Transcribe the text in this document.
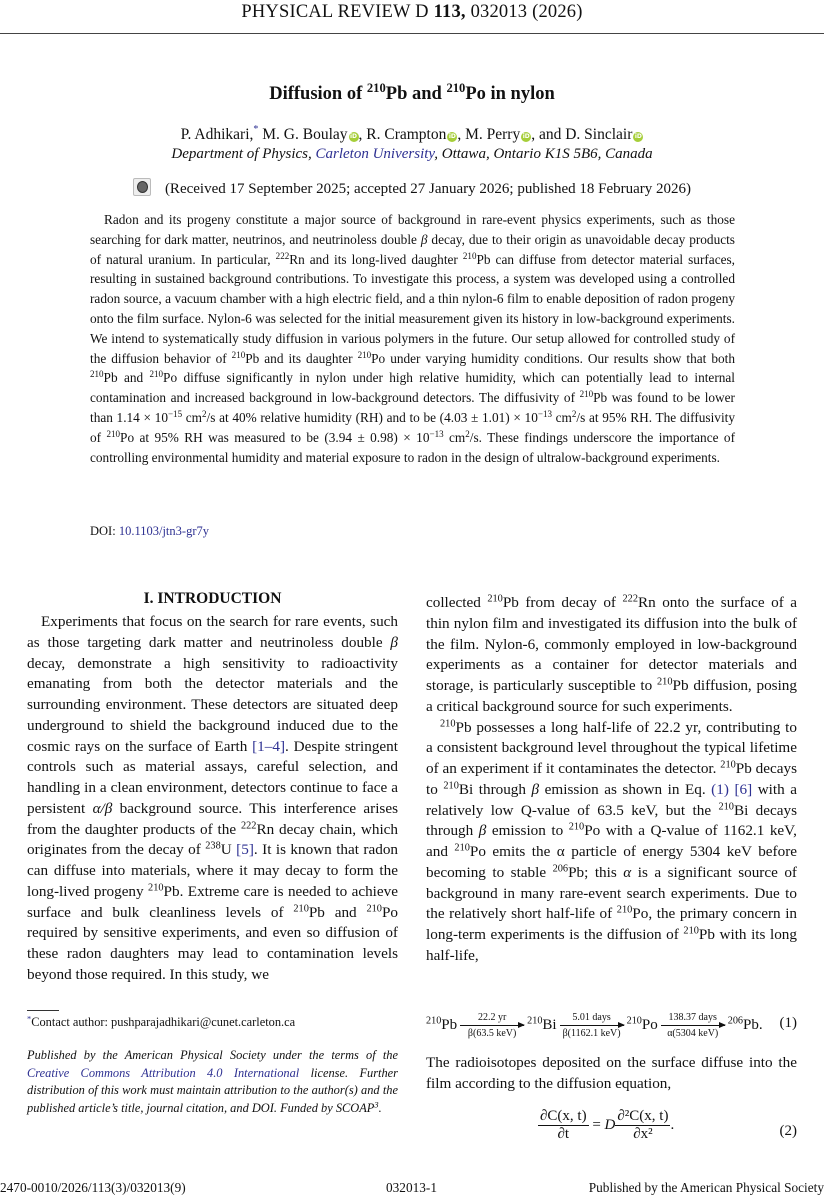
PHYSICAL REVIEW D 113, 032013 (2026)
Diffusion of $^{210}$Pb and $^{210}$Po in nylon
P. Adhikari,* M. G. Boulay iD, R. Crampton iD, M. Perry iD, and D. Sinclair iD
Department of Physics, Carleton University, Ottawa, Ontario K1S 5B6, Canada
(Received 17 September 2025; accepted 27 January 2026; published 18 February 2026)

Radon and its progeny constitute a major source of background in rare-event physics experiments, such as those searching for dark matter, neutrinos, and neutrinoless double β decay, due to their origin as unavoidable decay products of natural uranium. In particular, $^{222}$Rn and its long-lived daughter $^{210}$Pb can diffuse from detector material surfaces, resulting in sustained background contributions. To investigate this process, a system was developed using a controlled radon source, a vacuum chamber with a high electric field, and a thin nylon-6 film to enable deposition of radon progeny onto the film surface. Nylon-6 was selected for the initial measurement given its history in low-background experiments. We intend to systematically study diffusion in various polymers in the future. Our setup allowed for controlled study of the diffusion behavior of $^{210}$Pb and its daughter $^{210}$Po under varying humidity conditions. Our results show that both $^{210}$Pb and $^{210}$Po diffuse significantly in nylon under high relative humidity, which can potentially lead to internal contamination and increased background in low-background detectors. The diffusivity of $^{210}$Pb was found to be lower than $1.14 \times 10^{-15}$ $cm^2/s$ at 40% relative humidity (RH) and to be $(4.03 \pm 1.01) \times 10^{-13}$ $cm^2/s$ at 95% RH. The diffusivity of $^{210}$Po at 95% RH was measured to be $(3.94 \pm 0.98) \times 10^{-13}$ $cm^2/s$. These findings underscore the importance of controlling environmental humidity and material exposure to radon in the design of ultralow-background experiments.

DOI: 10.1103/jtn3-gr7y
I. INTRODUCTION

Experiments that focus on the search for rare events, such as those targeting dark matter and neutrinoless double β decay, demonstrate a high sensitivity to radioactivity emanating from both the detector materials and the surrounding environment. These detectors are situated deep underground to shield the background induced due to the cosmic rays on the surface of Earth [1–4]. Despite stringent controls such as material assays, careful selection, and handling in a clean environment, detectors continue to face a persistent α/β background source. This interference arises from the daughter products of the $^{222}$Rn decay chain, which originates from the decay of $^{238}$U [5]. It is known that radon can diffuse into materials, where it may decay to form the long-lived progeny $^{210}$Pb. Extreme care is needed to achieve surface and bulk cleanliness levels of $^{210}$Pb and $^{210}$Po required by sensitive experiments, and even so diffusion of these radon daughters may lead to contamination levels beyond those required. In this study, we

collected $^{210}$Pb from decay of $^{222}$Rn onto the surface of a thin nylon film and investigated its diffusion into the bulk of the film. Nylon-6, commonly employed in low-background experiments as a container for detector materials and storage, is particularly susceptible to $^{210}$Pb diffusion, posing a critical background source for such experiments.

$^{210}$Pb possesses a long half-life of 22.2 yr, contributing to a consistent background level throughout the typical lifetime of an experiment if it contaminates the detector. $^{210}$Pb decays to $^{210}$Bi through β emission as shown in Eq. (1) [6] with a relatively low Q-value of 63.5 keV, but the $^{210}$Bi decays through β emission to $^{210}$Po with a Q-value of 1162.1 keV, and $^{210}$Po emits the α particle of energy 5304 keV before becoming to stable $^{206}$Pb; this α is a significant source of background in many rare-event search experiments. Due to the relatively short half-life of $^{210}$Po, the primary concern in long-term experiments is the diffusion of $^{210}$Pb with its long half-life,

$^{210}$Pb 22.2 yr
β(63.5 keV)
$^{210}$Bi 5.01 days
β(1162.1 keV)
$^{210}$Po 138.37 days
α(5304 keV)
$^{206}$Pb. (1)

The radioisotopes deposited on the surface diffuse into the film according to the diffusion equation,

$\frac{\partial C(x, t)}{\partial t} = D \frac{\text{∂²C(x, t)}}{\text{∂x²}}$ .	(2)
*Contact author: pushparajadhikari@cunet.carleton.ca

Published by the American Physical Society under the terms of the Creative Commons Attribution 4.0 International license. Further distribution of this work must maintain attribution to the author(s) and the published article’s title, journal citation, and DOI. Funded by SCOAP$^3$.

2470-0010/2026/113(3)/032013(9)	032013-1	Published by the American Physical Society
